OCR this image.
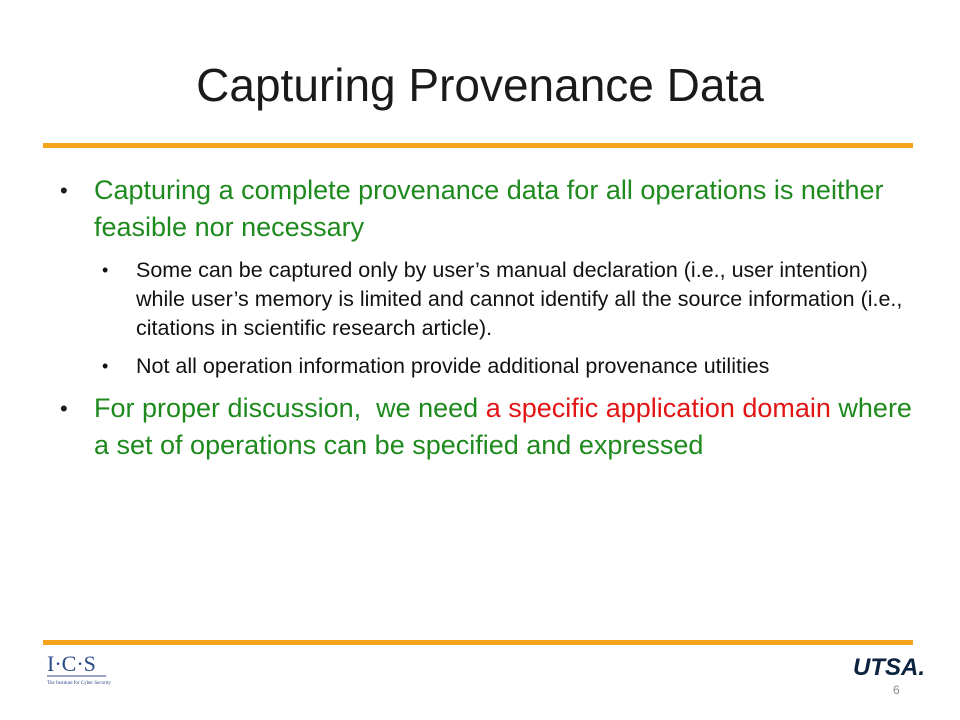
Capturing Provenance Data
• Capturing a complete provenance data for all operations is neither feasible nor necessary
• Some can be captured only by user’s manual declaration (i.e., user intention) while user’s memory is limited and cannot identify all the source information (i.e., citations in scientific research article).
• Not all operation information provide additional provenance utilities
• For proper discussion,  we need a specific application domain where a set of operations can be specified and expressed
I·C·S
The Institute for Cyber Security
UTSA.
6
